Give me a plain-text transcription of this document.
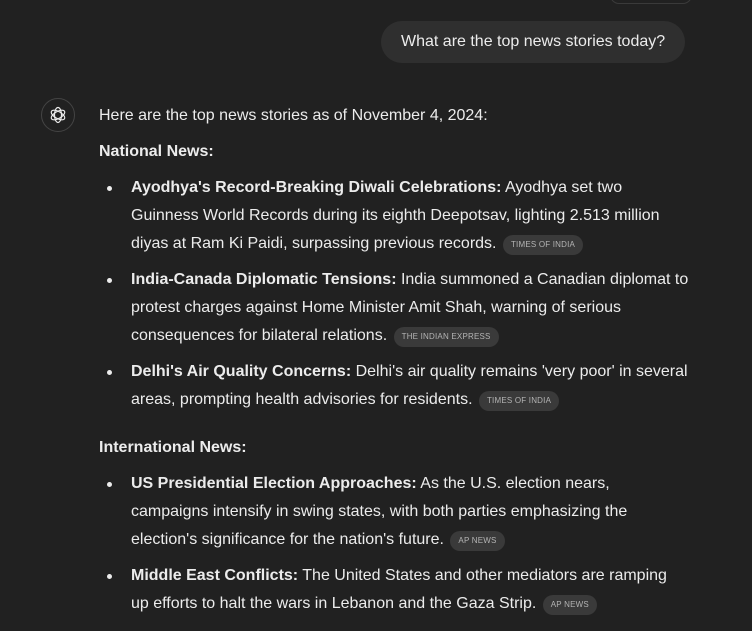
What are the top news stories today?

Here are the top news stories as of November 4, 2024:

National News:

Ayodhya's Record-Breaking Diwali Celebrations: Ayodhya set two Guinness World Records during its eighth Deepotsav, lighting 2.513 million diyas at Ram Ki Paidi, surpassing previous records. TIMES OF INDIA
India-Canada Diplomatic Tensions: India summoned a Canadian diplomat to protest charges against Home Minister Amit Shah, warning of serious consequences for bilateral relations. THE INDIAN EXPRESS
Delhi's Air Quality Concerns: Delhi's air quality remains 'very poor' in several areas, prompting health advisories for residents. TIMES OF INDIA

International News:

US Presidential Election Approaches: As the U.S. election nears, campaigns intensify in swing states, with both parties emphasizing the election's significance for the nation's future. AP NEWS
Middle East Conflicts: The United States and other mediators are ramping up efforts to halt the wars in Lebanon and the Gaza Strip. AP NEWS
